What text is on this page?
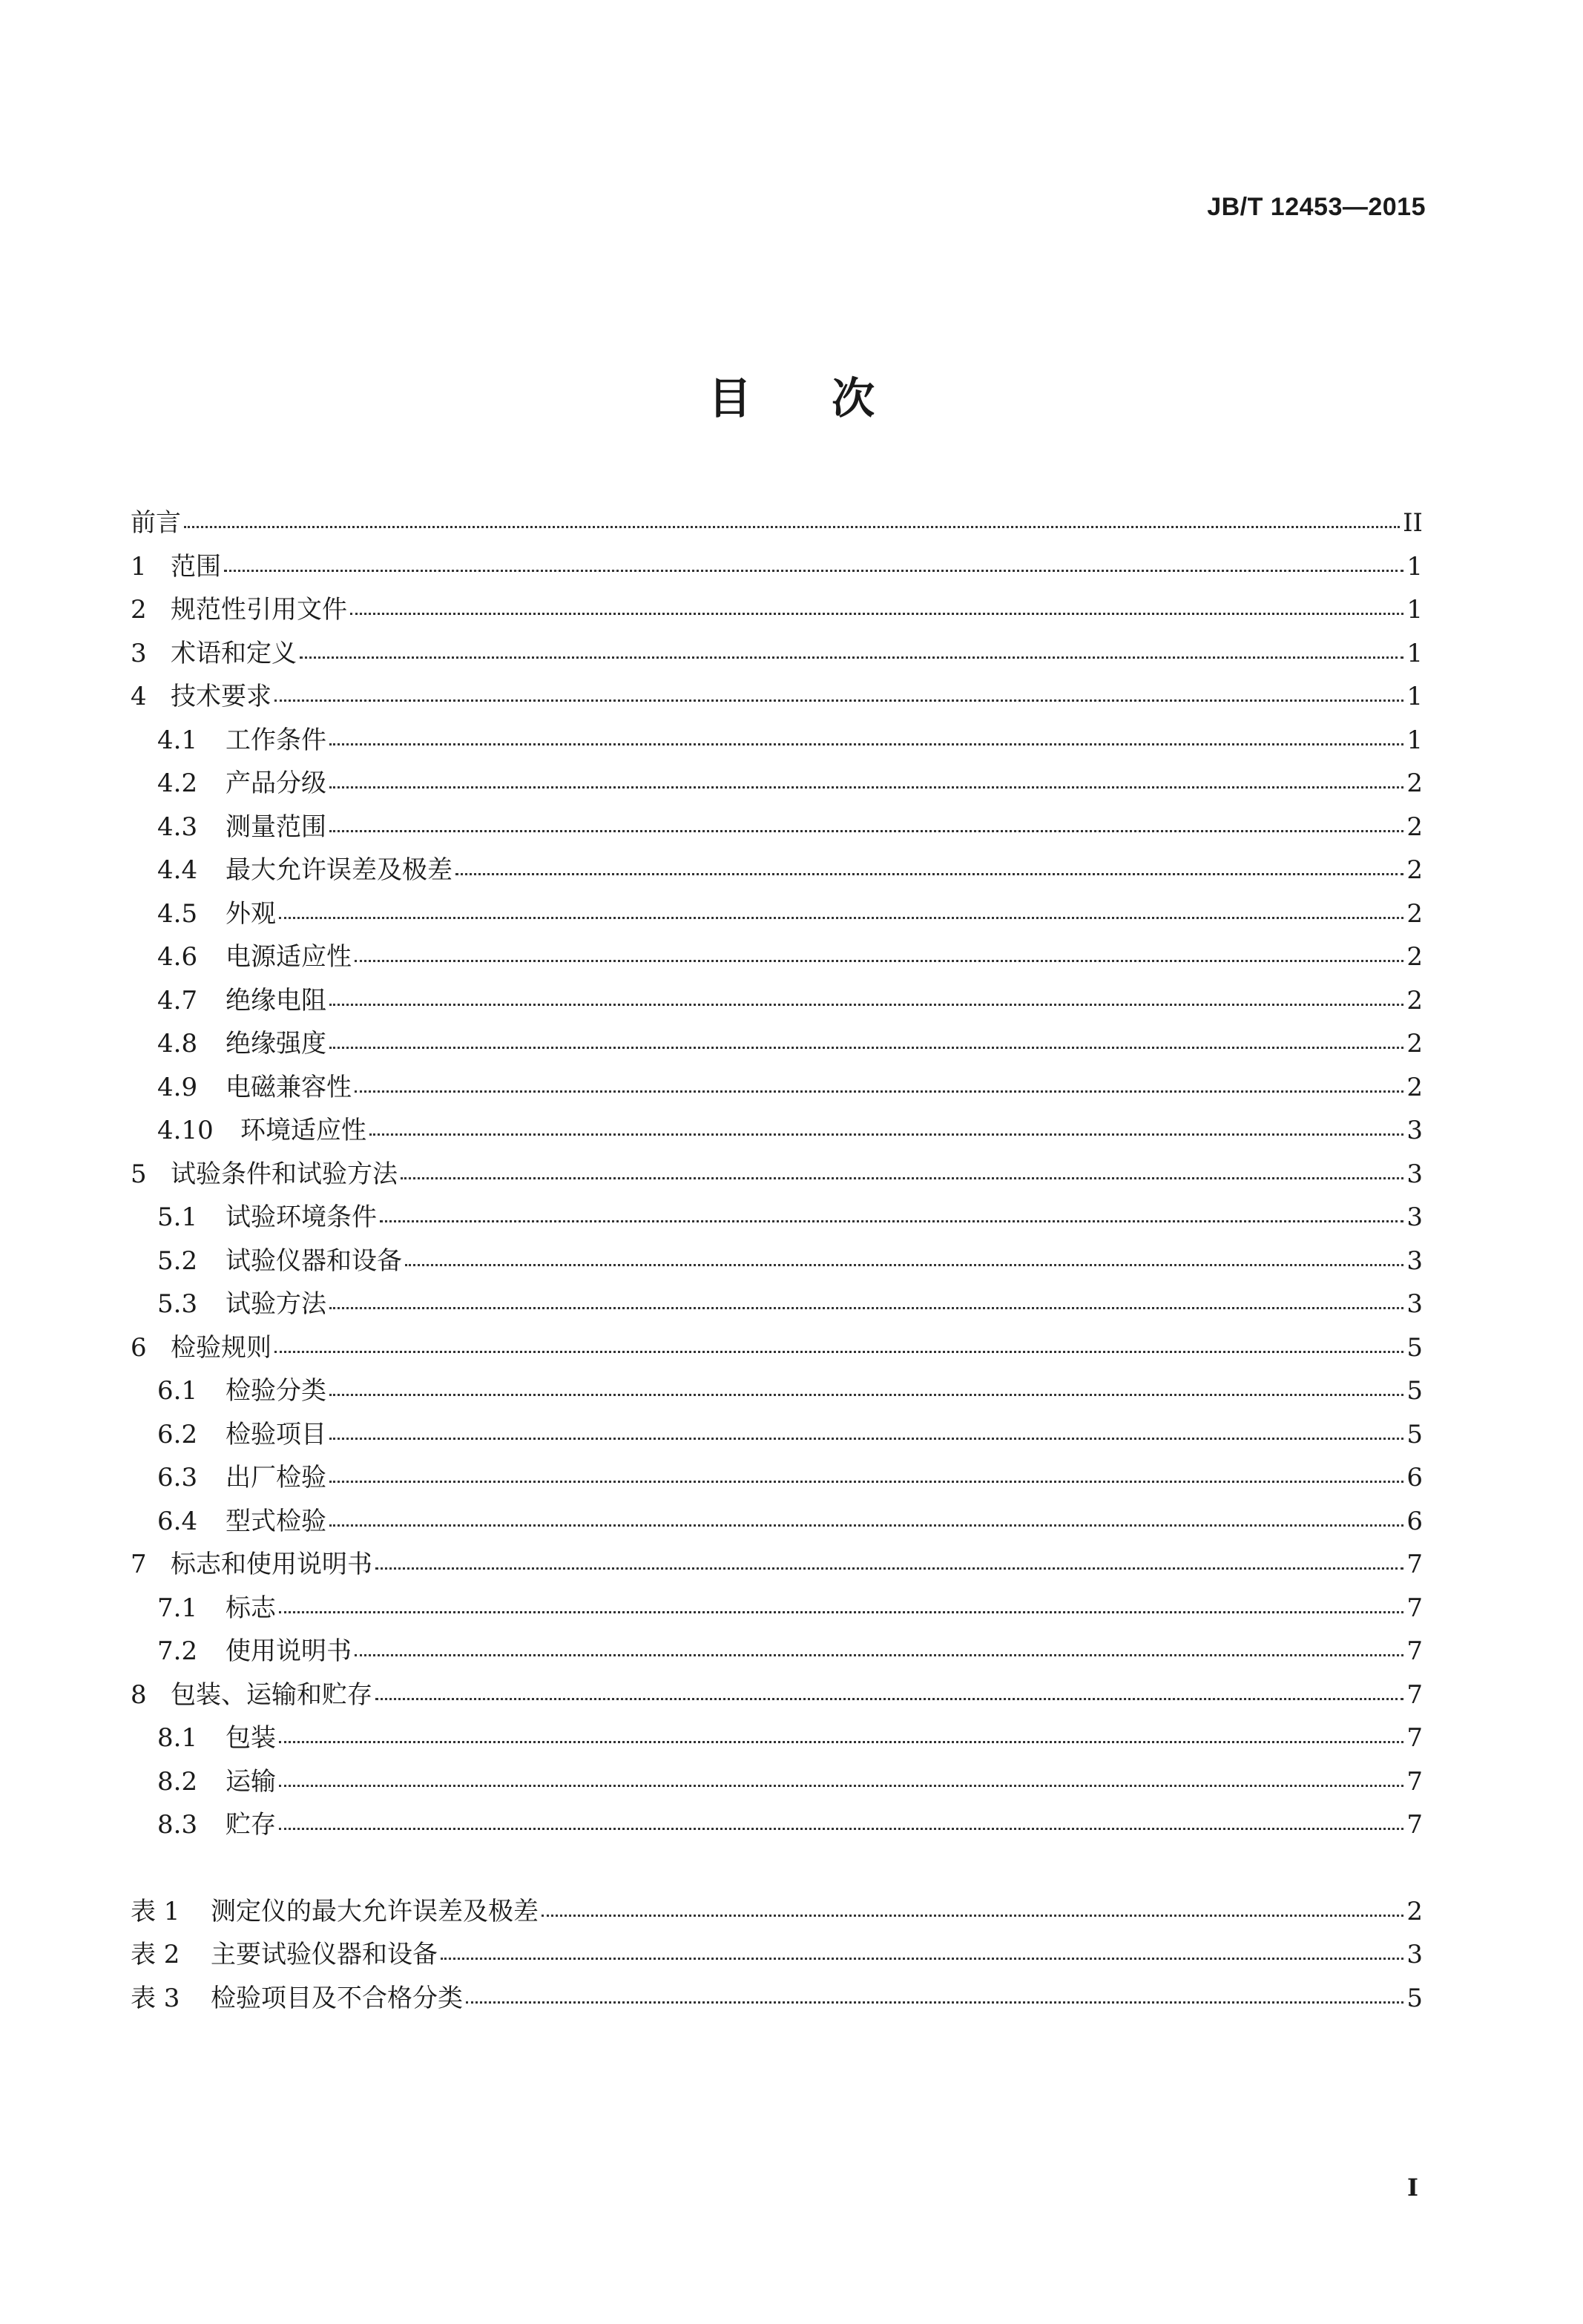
JB/T 12453—2015
目 次
前言	II
1 范围	1
2 规范性引用文件	1
3 术语和定义	1
4 技术要求	1
4.1	工作条件	1
4.2	产品分级	2
4.3	测量范围	2
4.4	最大允许误差及极差	2
4.5	外观	2
4.6	电源适应性	2
4.7	绝缘电阻	2
4.8	绝缘强度	2
4.9	电磁兼容性	2
4.10	环境适应性	3
5 试验条件和试验方法	3
5.1	试验环境条件	3
5.2	试验仪器和设备	3
5.3	试验方法	3
6 检验规则	5
6.1	检验分类	5
6.2	检验项目	5
6.3	出厂检验	6
6.4	型式检验	6
7 标志和使用说明书	7
7.1	标志	7
7.2	使用说明书	7
8 包装、运输和贮存	7
8.1	包装	7
8.2	运输	7
8.3	贮存	7
表 1	测定仪的最大允许误差及极差	2
表 2	主要试验仪器和设备	3
表 3	检验项目及不合格分类	5
I
